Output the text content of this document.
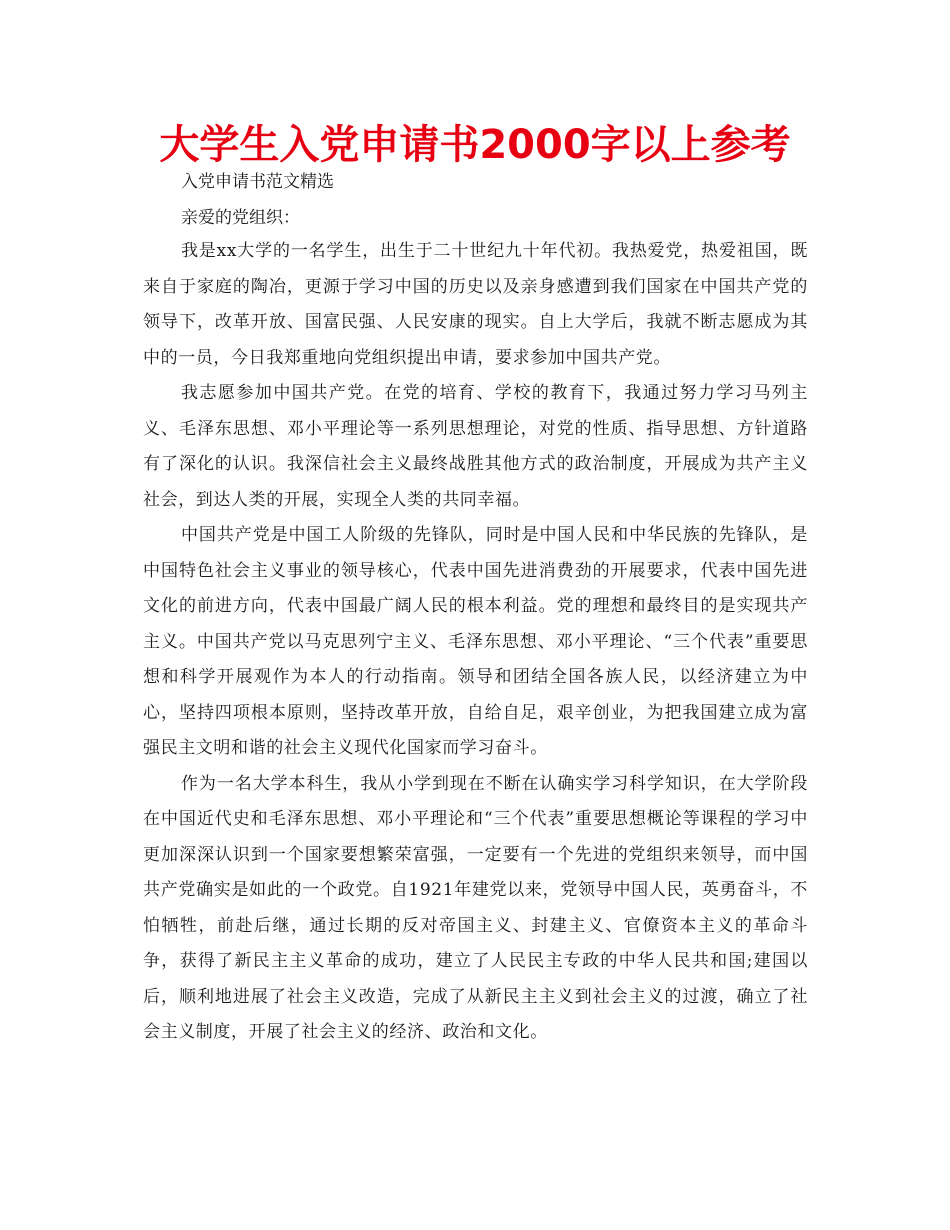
大学生入党申请书2000字以上参考

入党申请书范文精选

亲爱的党组织：

我是xx大学的一名学生，出生于二十世纪九十年代初。我热爱党，热爱祖国，既来自于家庭的陶冶，更源于学习中国的历史以及亲身感遭到我们国家在中国共产党的领导下，改革开放、国富民强、人民安康的现实。自上大学后，我就不断志愿成为其中的一员，今日我郑重地向党组织提出申请，要求参加中国共产党。

我志愿参加中国共产党。在党的培育、学校的教育下，我通过努力学习马列主义、毛泽东思想、邓小平理论等一系列思想理论，对党的性质、指导思想、方针道路有了深化的认识。我深信社会主义最终战胜其他方式的政治制度，开展成为共产主义社会，到达人类的开展，实现全人类的共同幸福。

中国共产党是中国工人阶级的先锋队，同时是中国人民和中华民族的先锋队，是中国特色社会主义事业的领导核心，代表中国先进消费劲的开展要求，代表中国先进文化的前进方向，代表中国最广阔人民的根本利益。党的理想和最终目的是实现共产主义。中国共产党以马克思列宁主义、毛泽东思想、邓小平理论、“三个代表”重要思想和科学开展观作为本人的行动指南。领导和团结全国各族人民，以经济建立为中心，坚持四项根本原则，坚持改革开放，自给自足，艰辛创业，为把我国建立成为富强民主文明和谐的社会主义现代化国家而学习奋斗。

作为一名大学本科生，我从小学到现在不断在认确实学习科学知识，在大学阶段在中国近代史和毛泽东思想、邓小平理论和“三个代表”重要思想概论等课程的学习中更加深深认识到一个国家要想繁荣富强，一定要有一个先进的党组织来领导，而中国共产党确实是如此的一个政党。自1921年建党以来，党领导中国人民，英勇奋斗，不怕牺牲，前赴后继，通过长期的反对帝国主义、封建主义、官僚资本主义的革命斗争，获得了新民主主义革命的成功，建立了人民民主专政的中华人民共和国;建国以后，顺利地进展了社会主义改造，完成了从新民主主义到社会主义的过渡，确立了社会主义制度，开展了社会主义的经济、政治和文化。
